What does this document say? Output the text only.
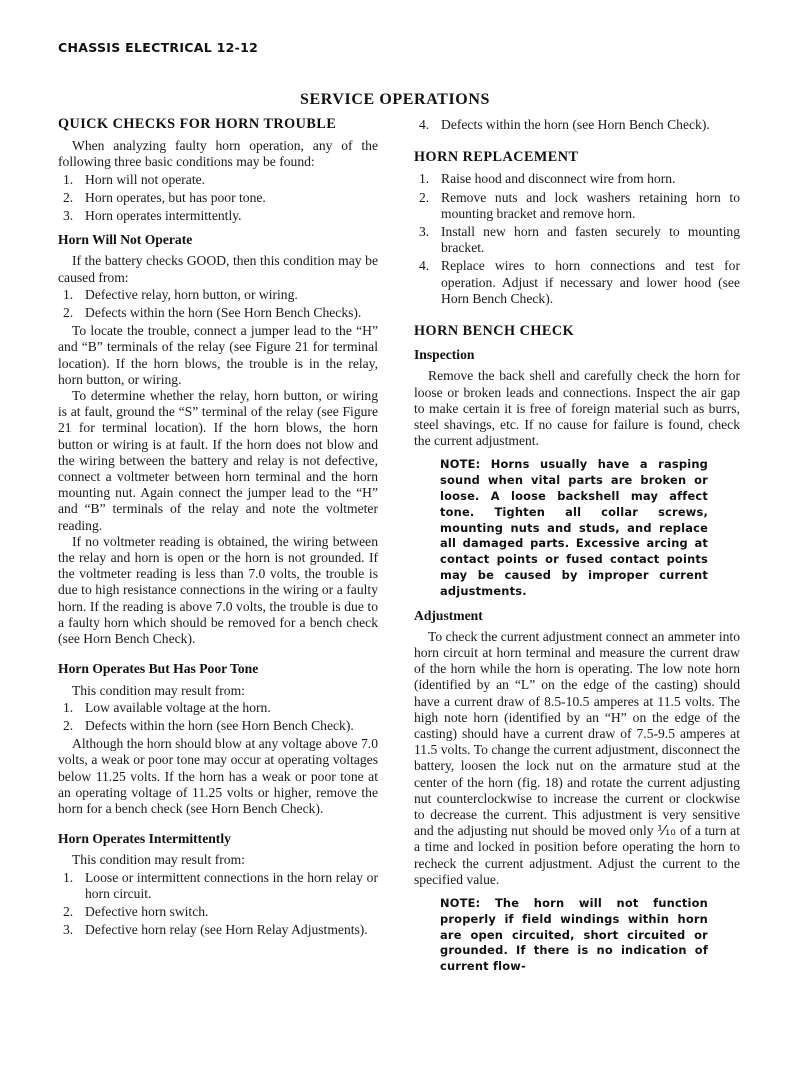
CHASSIS ELECTRICAL 12-12
SERVICE OPERATIONS
QUICK CHECKS FOR HORN TROUBLE

When analyzing faulty horn operation, any of the following three basic conditions may be found:

1. Horn will not operate.
2. Horn operates, but has poor tone.
3. Horn operates intermittently.
Horn Will Not Operate

If the battery checks GOOD, then this condition may be caused from:

1. Defective relay, horn button, or wiring.
2. Defects within the horn (See Horn Bench Checks).

To locate the trouble, connect a jumper lead to the “H” and “B” terminals of the relay (see Figure 21 for terminal location). If the horn blows, the trouble is in the relay, horn button, or wiring.

To determine whether the relay, horn button, or wiring is at fault, ground the “S” terminal of the relay (see Figure 21 for terminal location). If the horn blows, the horn button or wiring is at fault. If the horn does not blow and the wiring between the battery and relay is not defective, connect a voltmeter between horn terminal and the horn mounting nut. Again connect the jumper lead to the “H” and “B” terminals of the relay and note the voltmeter reading.

If no voltmeter reading is obtained, the wiring between the relay and horn is open or the horn is not grounded. If the voltmeter reading is less than 7.0 volts, the trouble is due to high resistance connections in the wiring or a faulty horn. If the reading is above 7.0 volts, the trouble is due to a faulty horn which should be removed for a bench check (see Horn Bench Check).

Horn Operates But Has Poor Tone

This condition may result from:

1. Low available voltage at the horn.
2. Defects within the horn (see Horn Bench Check).

Although the horn should blow at any voltage above 7.0 volts, a weak or poor tone may occur at operating voltages below 11.25 volts. If the horn has a weak or poor tone at an operating voltage of 11.25 volts or higher, remove the horn for a bench check (see Horn Bench Check).

Horn Operates Intermittently

This condition may result from:

1. Loose or intermittent connections in the horn relay or horn circuit.
2. Defective horn switch.
3. Defective horn relay (see Horn Relay Adjustments).
4. Defects within the horn (see Horn Bench Check).
HORN REPLACEMENT
1. Raise hood and disconnect wire from horn.
2. Remove nuts and lock washers retaining horn to mounting bracket and remove horn.
3. Install new horn and fasten securely to mounting bracket.
4. Replace wires to horn connections and test for operation. Adjust if necessary and lower hood (see Horn Bench Check).
HORN BENCH CHECK
Inspection

Remove the back shell and carefully check the horn for loose or broken leads and connections. Inspect the air gap to make certain it is free of foreign material such as burrs, steel shavings, etc. If no cause for failure is found, check the current adjustment.

NOTE: Horns usually have a rasping sound when vital parts are broken or loose. A loose backshell may affect tone. Tighten all collar screws, mounting nuts and studs, and replace all damaged parts. Excessive arcing at contact points or fused contact points may be caused by improper current adjustments.
Adjustment

To check the current adjustment connect an ammeter into horn circuit at horn terminal and measure the current draw of the horn while the horn is operating. The low note horn (identified by an “L” on the edge of the casting) should have a current draw of 8.5-10.5 amperes at 11.5 volts. The high note horn (identified by an “H” on the edge of the casting) should have a current draw of 7.5-9.5 amperes at 11.5 volts. To change the current adjustment, disconnect the battery, loosen the lock nut on the armature stud at the center of the horn (fig. 18) and rotate the current adjusting nut counterclockwise to increase the current or clockwise to decrease the current. This adjustment is very sensitive and the adjusting nut should be moved only ⅒ of a turn at a time and locked in position before operating the horn to recheck the current adjustment. Adjust the current to the specified value.

NOTE: The horn will not function properly if field windings within horn are open circuited, short circuited or grounded. If there is no indication of current flow-
